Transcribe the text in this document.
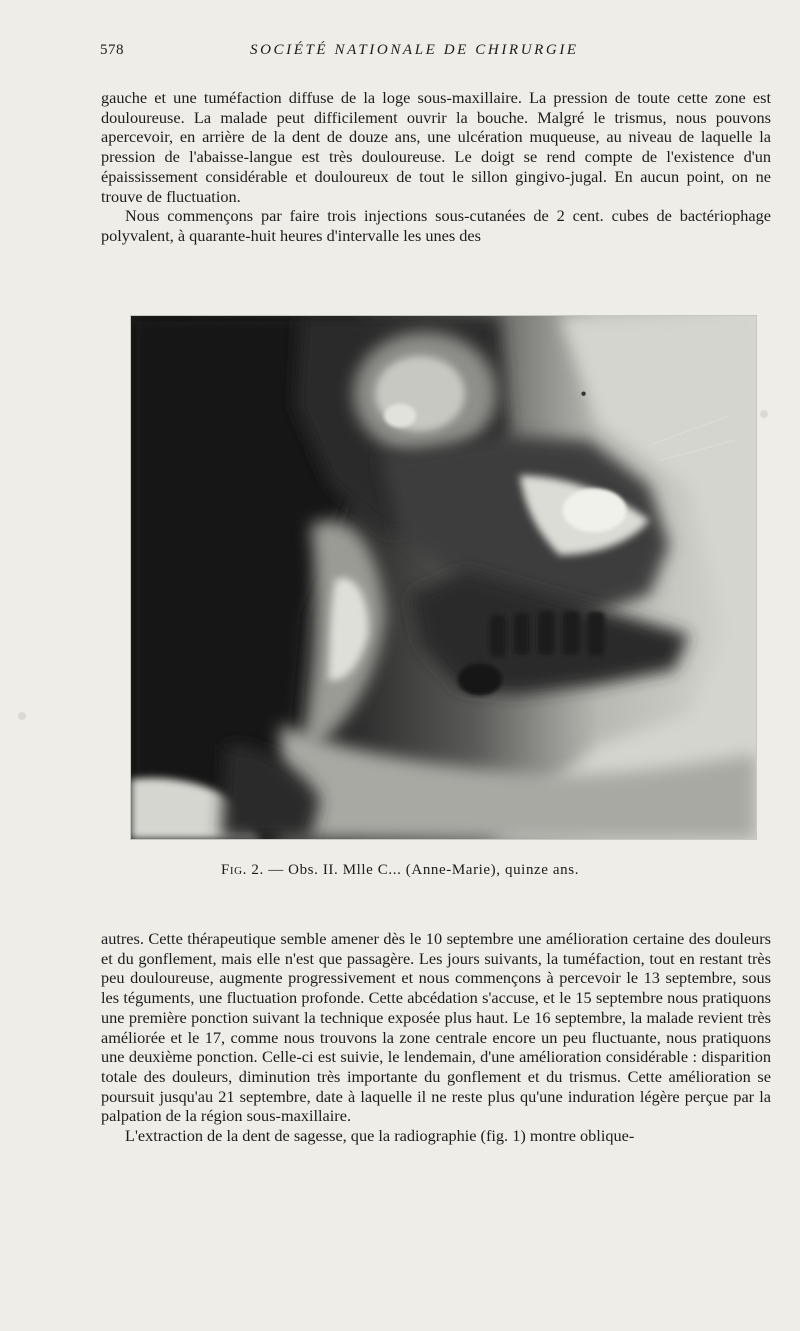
578	SOCIÉTÉ NATIONALE DE CHIRURGIE

gauche et une tuméfaction diffuse de la loge sous-maxillaire. La pression de toute cette zone est douloureuse. La malade peut difficilement ouvrir la bouche. Malgré le trismus, nous pouvons apercevoir, en arrière de la dent de douze ans, une ulcération muqueuse, au niveau de laquelle la pression de l'abaisse-langue est très douloureuse. Le doigt se rend compte de l'existence d'un épaississement considérable et douloureux de tout le sillon gingivo-jugal. En aucun point, on ne trouve de fluctuation.

Nous commençons par faire trois injections sous-cutanées de 2 cent. cubes de bactériophage polyvalent, à quarante-huit heures d'intervalle les unes des

Fig. 2. — Obs. II. Mlle C... (Anne-Marie), quinze ans.

autres. Cette thérapeutique semble amener dès le 10 septembre une amélioration certaine des douleurs et du gonflement, mais elle n'est que passagère. Les jours suivants, la tuméfaction, tout en restant très peu douloureuse, augmente progressivement et nous commençons à percevoir le 13 septembre, sous les téguments, une fluctuation profonde. Cette abcédation s'accuse, et le 15 septembre nous pratiquons une première ponction suivant la technique exposée plus haut. Le 16 septembre, la malade revient très améliorée et le 17, comme nous trouvons la zone centrale encore un peu fluctuante, nous pratiquons une deuxième ponction. Celle-ci est suivie, le lendemain, d'une amélioration considérable : disparition totale des douleurs, diminution très importante du gonflement et du trismus. Cette amélioration se poursuit jusqu'au 21 septembre, date à laquelle il ne reste plus qu'une induration légère perçue par la palpation de la région sous-maxillaire.

L'extraction de la dent de sagesse, que la radiographie (fig. 1) montre oblique-
